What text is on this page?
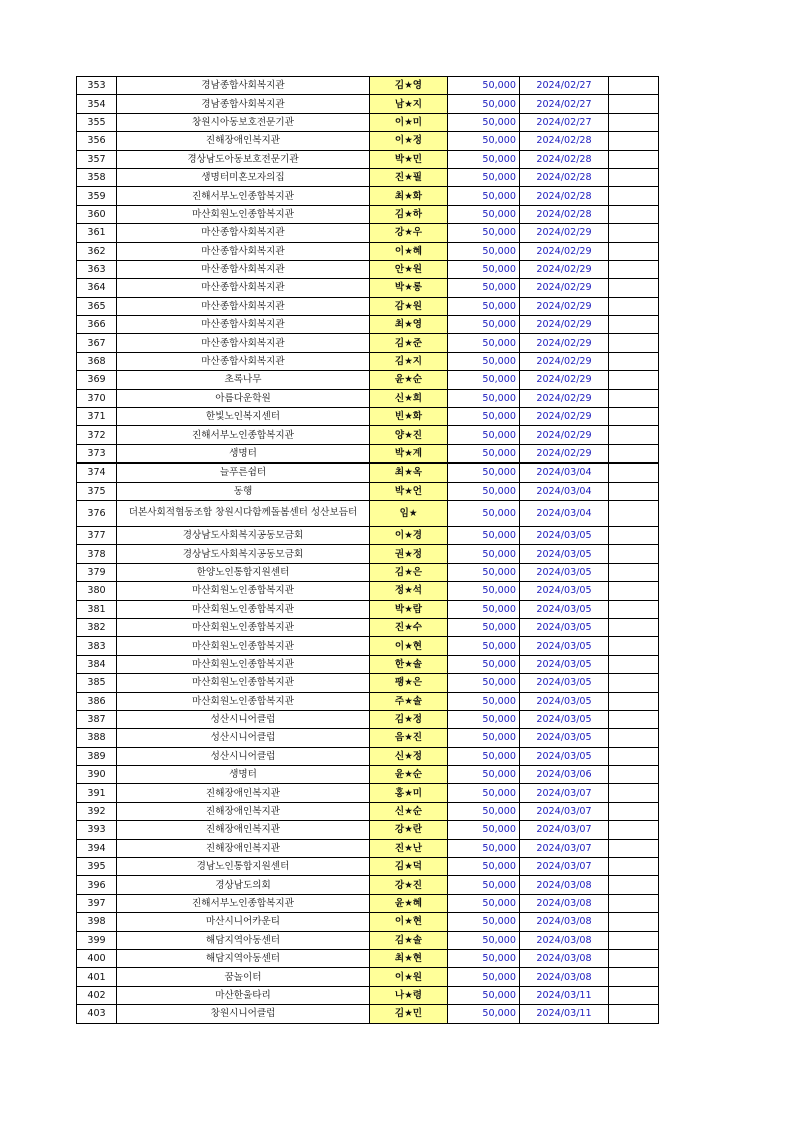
353	경남종합사회복지관	김★영	50,000	2024/02/27	
354	경남종합사회복지관	남★지	50,000	2024/02/27	
355	창원시아동보호전문기관	이★미	50,000	2024/02/27	
356	진해장애인복지관	이★정	50,000	2024/02/28	
357	경상남도아동보호전문기관	박★민	50,000	2024/02/28	
358	생명터미혼모자의집	진★필	50,000	2024/02/28	
359	진해서부노인종합복지관	최★화	50,000	2024/02/28	
360	마산회원노인종합복지관	김★하	50,000	2024/02/28	
361	마산종합사회복지관	강★우	50,000	2024/02/29	
362	마산종합사회복지관	이★혜	50,000	2024/02/29	
363	마산종합사회복지관	안★원	50,000	2024/02/29	
364	마산종합사회복지관	박★롱	50,000	2024/02/29	
365	마산종합사회복지관	감★원	50,000	2024/02/29	
366	마산종합사회복지관	최★영	50,000	2024/02/29	
367	마산종합사회복지관	김★준	50,000	2024/02/29	
368	마산종합사회복지관	김★지	50,000	2024/02/29	
369	초록나무	윤★순	50,000	2024/02/29	
370	아름다운학원	신★희	50,000	2024/02/29	
371	한빛노인복지센터	빈★화	50,000	2024/02/29	
372	진해서부노인종합복지관	양★진	50,000	2024/02/29	
373	생명터	박★계	50,000	2024/02/29	
374	늘푸른쉼터	최★옥	50,000	2024/03/04	
375	동행	박★언	50,000	2024/03/04	
376	더본사회적협동조합 창원시다함께돌봄센터 성산보듬터	임★	50,000	2024/03/04	
377	경상남도사회복지공동모금회	이★경	50,000	2024/03/05	
378	경상남도사회복지공동모금회	권★정	50,000	2024/03/05	
379	한양노인통합지원센터	김★은	50,000	2024/03/05	
380	마산회원노인종합복지관	정★석	50,000	2024/03/05	
381	마산회원노인종합복지관	박★람	50,000	2024/03/05	
382	마산회원노인종합복지관	진★수	50,000	2024/03/05	
383	마산회원노인종합복지관	이★현	50,000	2024/03/05	
384	마산회원노인종합복지관	한★솔	50,000	2024/03/05	
385	마산회원노인종합복지관	팽★은	50,000	2024/03/05	
386	마산회원노인종합복지관	주★솔	50,000	2024/03/05	
387	성산시니어클럽	김★정	50,000	2024/03/05	
388	성산시니어클럽	음★진	50,000	2024/03/05	
389	성산시니어클럽	신★정	50,000	2024/03/05	
390	생명터	윤★순	50,000	2024/03/06	
391	진해장애인복지관	홍★미	50,000	2024/03/07	
392	진해장애인복지관	신★순	50,000	2024/03/07	
393	진해장애인복지관	강★란	50,000	2024/03/07	
394	진해장애인복지관	진★난	50,000	2024/03/07	
395	경남노인통합지원센터	김★덕	50,000	2024/03/07	
396	경상남도의회	강★진	50,000	2024/03/08	
397	진해서부노인종합복지관	윤★혜	50,000	2024/03/08	
398	마산시니어카운티	이★현	50,000	2024/03/08	
399	해담지역아동센터	김★솔	50,000	2024/03/08	
400	해담지역아동센터	최★현	50,000	2024/03/08	
401	꿈놀이터	이★원	50,000	2024/03/08	
402	마산한울타리	나★령	50,000	2024/03/11	
403	창원시니어클럽	김★민	50,000	2024/03/11	
